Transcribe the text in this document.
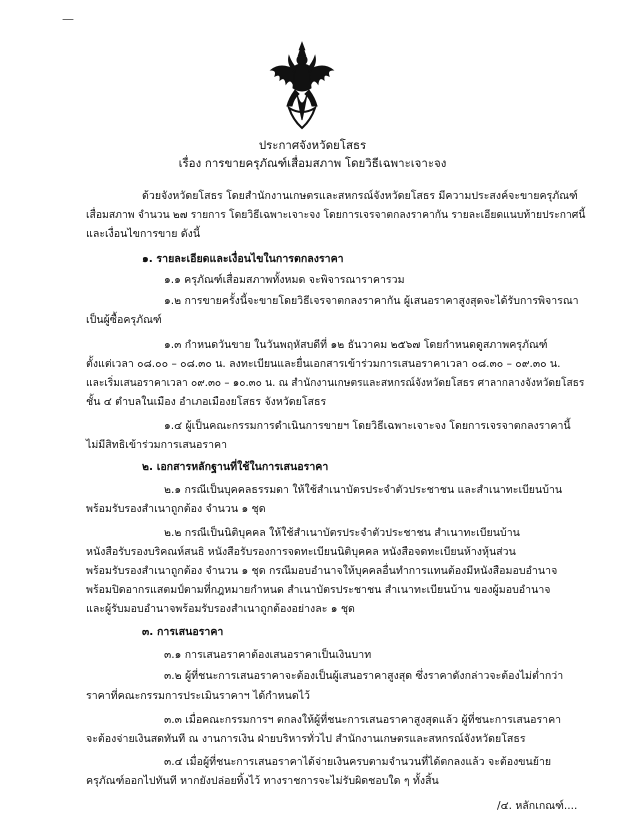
—
ประกาศจังหวัดยโสธร
เรื่อง การขายครุภัณฑ์เสื่อมสภาพ โดยวิธีเฉพาะเจาะจง
ด้วยจังหวัดยโสธร โดยสำนักงานเกษตรและสหกรณ์จังหวัดยโสธร มีความประสงค์จะขายครุภัณฑ์
เสื่อมสภาพ จำนวน ๒๗ รายการ โดยวิธีเฉพาะเจาะจง โดยการเจรจาตกลงราคากัน รายละเอียดแนบท้ายประกาศนี้
และเงื่อนไขการขาย ดังนี้
๑. รายละเอียดและเงื่อนไขในการตกลงราคา
๑.๑ ครุภัณฑ์เสื่อมสภาพทั้งหมด จะพิจารณาราคารวม
๑.๒ การขายครั้งนี้จะขายโดยวิธีเจรจาตกลงราคากัน ผู้เสนอราคาสูงสุดจะได้รับการพิจารณา
เป็นผู้ซื้อครุภัณฑ์
๑.๓ กำหนดวันขาย ในวันพฤหัสบดีที่ ๑๒ ธันวาคม ๒๕๖๗ โดยกำหนดดูสภาพครุภัณฑ์
ตั้งแต่เวลา ๐๘.๐๐ – ๐๘.๓๐ น. ลงทะเบียนและยื่นเอกสารเข้าร่วมการเสนอราคาเวลา ๐๘.๓๐ – ๐๙.๓๐ น.
และเริ่มเสนอราคาเวลา ๐๙.๓๐ – ๑๐.๓๐ น. ณ สำนักงานเกษตรและสหกรณ์จังหวัดยโสธร ศาลากลางจังหวัดยโสธร
ชั้น ๔ ตำบลในเมือง อำเภอเมืองยโสธร จังหวัดยโสธร
๑.๔ ผู้เป็นคณะกรรมการดำเนินการขายฯ โดยวิธีเฉพาะเจาะจง โดยการเจรจาตกลงราคานี้
ไม่มีสิทธิเข้าร่วมการเสนอราคา
๒. เอกสารหลักฐานที่ใช้ในการเสนอราคา
๒.๑ กรณีเป็นบุคคลธรรมดา ให้ใช้สำเนาบัตรประจำตัวประชาชน และสำเนาทะเบียนบ้าน
พร้อมรับรองสำเนาถูกต้อง จำนวน ๑ ชุด
๒.๒ กรณีเป็นนิติบุคคล ให้ใช้สำเนาบัตรประจำตัวประชาชน สำเนาทะเบียนบ้าน
หนังสือรับรองบริคณห์สนธิ หนังสือรับรองการจดทะเบียนนิติบุคคล หนังสือจดทะเบียนห้างหุ้นส่วน
พร้อมรับรองสำเนาถูกต้อง จำนวน ๑ ชุด กรณีมอบอำนาจให้บุคคลอื่นทำการแทนต้องมีหนังสือมอบอำนาจ
พร้อมปิดอากรแสตมป์ตามที่กฎหมายกำหนด สำเนาบัตรประชาชน สำเนาทะเบียนบ้าน ของผู้มอบอำนาจ
และผู้รับมอบอำนาจพร้อมรับรองสำเนาถูกต้องอย่างละ ๑ ชุด
๓. การเสนอราคา
๓.๑ การเสนอราคาต้องเสนอราคาเป็นเงินบาท
๓.๒ ผู้ที่ชนะการเสนอราคาจะต้องเป็นผู้เสนอราคาสูงสุด ซึ่งราคาดังกล่าวจะต้องไม่ต่ำกว่า
ราคาที่คณะกรรมการประเมินราคาฯ ได้กำหนดไว้
๓.๓ เมื่อคณะกรรมการฯ ตกลงให้ผู้ที่ชนะการเสนอราคาสูงสุดแล้ว ผู้ที่ชนะการเสนอราคา
จะต้องจ่ายเงินสดทันที ณ งานการเงิน ฝ่ายบริหารทั่วไป สำนักงานเกษตรและสหกรณ์จังหวัดยโสธร
๓.๔ เมื่อผู้ที่ชนะการเสนอราคาได้จ่ายเงินครบตามจำนวนที่ได้ตกลงแล้ว จะต้องขนย้าย
ครุภัณฑ์ออกไปทันที หากยังปล่อยทิ้งไว้ ทางราชการจะไม่รับผิดชอบใด ๆ ทั้งสิ้น
/๔. หลักเกณฑ์....
